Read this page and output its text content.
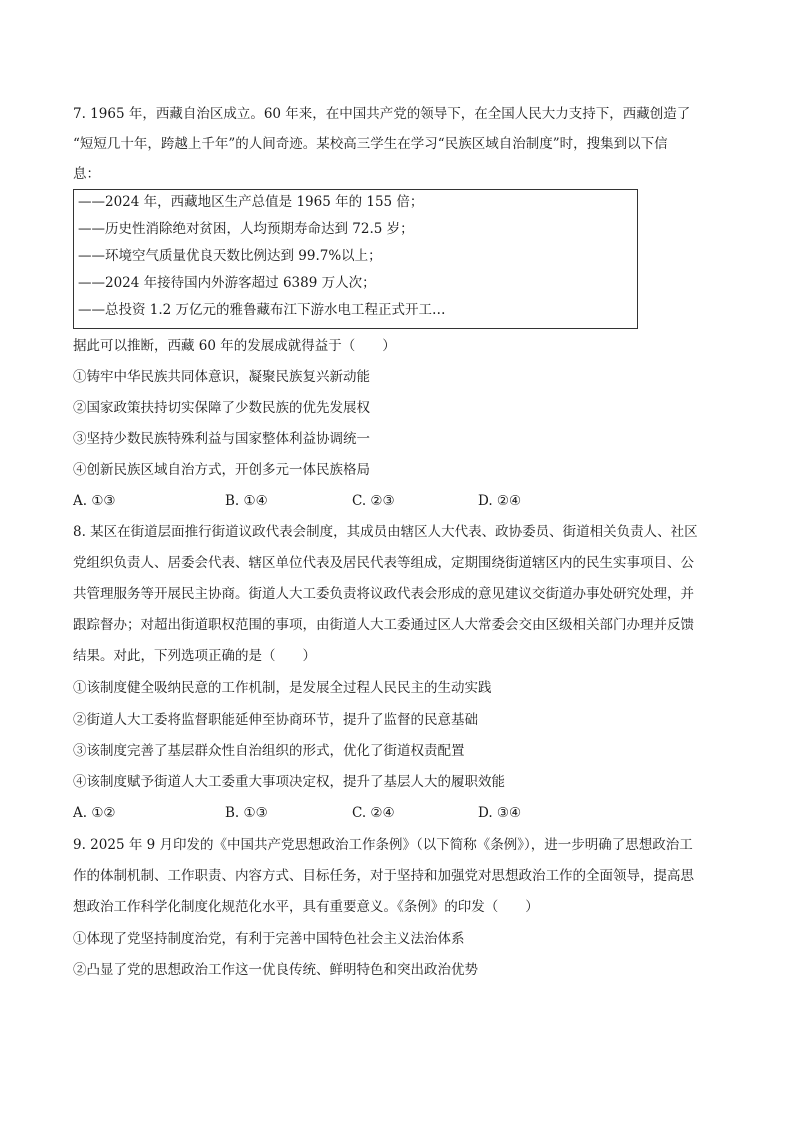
7. 1965 年，西藏自治区成立。60 年来，在中国共产党的领导下，在全国人民大力支持下，西藏创造了
“短短几十年，跨越上千年”的人间奇迹。某校高三学生在学习“民族区域自治制度”时，搜集到以下信
息：
——2024 年，西藏地区生产总值是 1965 年的 155 倍；
——历史性消除绝对贫困，人均预期寿命达到 72.5 岁；
——环境空气质量优良天数比例达到 99.7%以上；
——2024 年接待国内外游客超过 6389 万人次；
——总投资 1.2 万亿元的雅鲁藏布江下游水电工程正式开工…
据此可以推断，西藏 60 年的发展成就得益于（　　）
①铸牢中华民族共同体意识，凝聚民族复兴新动能
②国家政策扶持切实保障了少数民族的优先发展权
③坚持少数民族特殊利益与国家整体利益协调统一
④创新民族区域自治方式，开创多元一体民族格局
A. ①③	B. ①④	C. ②③	D. ②④
8. 某区在街道层面推行街道议政代表会制度，其成员由辖区人大代表、政协委员、街道相关负责人、社区
党组织负责人、居委会代表、辖区单位代表及居民代表等组成，定期围绕街道辖区内的民生实事项目、公
共管理服务等开展民主协商。街道人大工委负责将议政代表会形成的意见建议交街道办事处研究处理，并
跟踪督办；对超出街道职权范围的事项，由街道人大工委通过区人大常委会交由区级相关部门办理并反馈
结果。对此，下列选项正确的是（　　）
①该制度健全吸纳民意的工作机制，是发展全过程人民民主的生动实践
②街道人大工委将监督职能延伸至协商环节，提升了监督的民意基础
③该制度完善了基层群众性自治组织的形式，优化了街道权责配置
④该制度赋予街道人大工委重大事项决定权，提升了基层人大的履职效能
A. ①②	B. ①③	C. ②④	D. ③④
9. 2025 年 9 月印发的《中国共产党思想政治工作条例》（以下简称《条例》），进一步明确了思想政治工
作的体制机制、工作职责、内容方式、目标任务，对于坚持和加强党对思想政治工作的全面领导，提高思
想政治工作科学化制度化规范化水平，具有重要意义。《条例》的印发（　　）
①体现了党坚持制度治党，有利于完善中国特色社会主义法治体系
②凸显了党的思想政治工作这一优良传统、鲜明特色和突出政治优势
